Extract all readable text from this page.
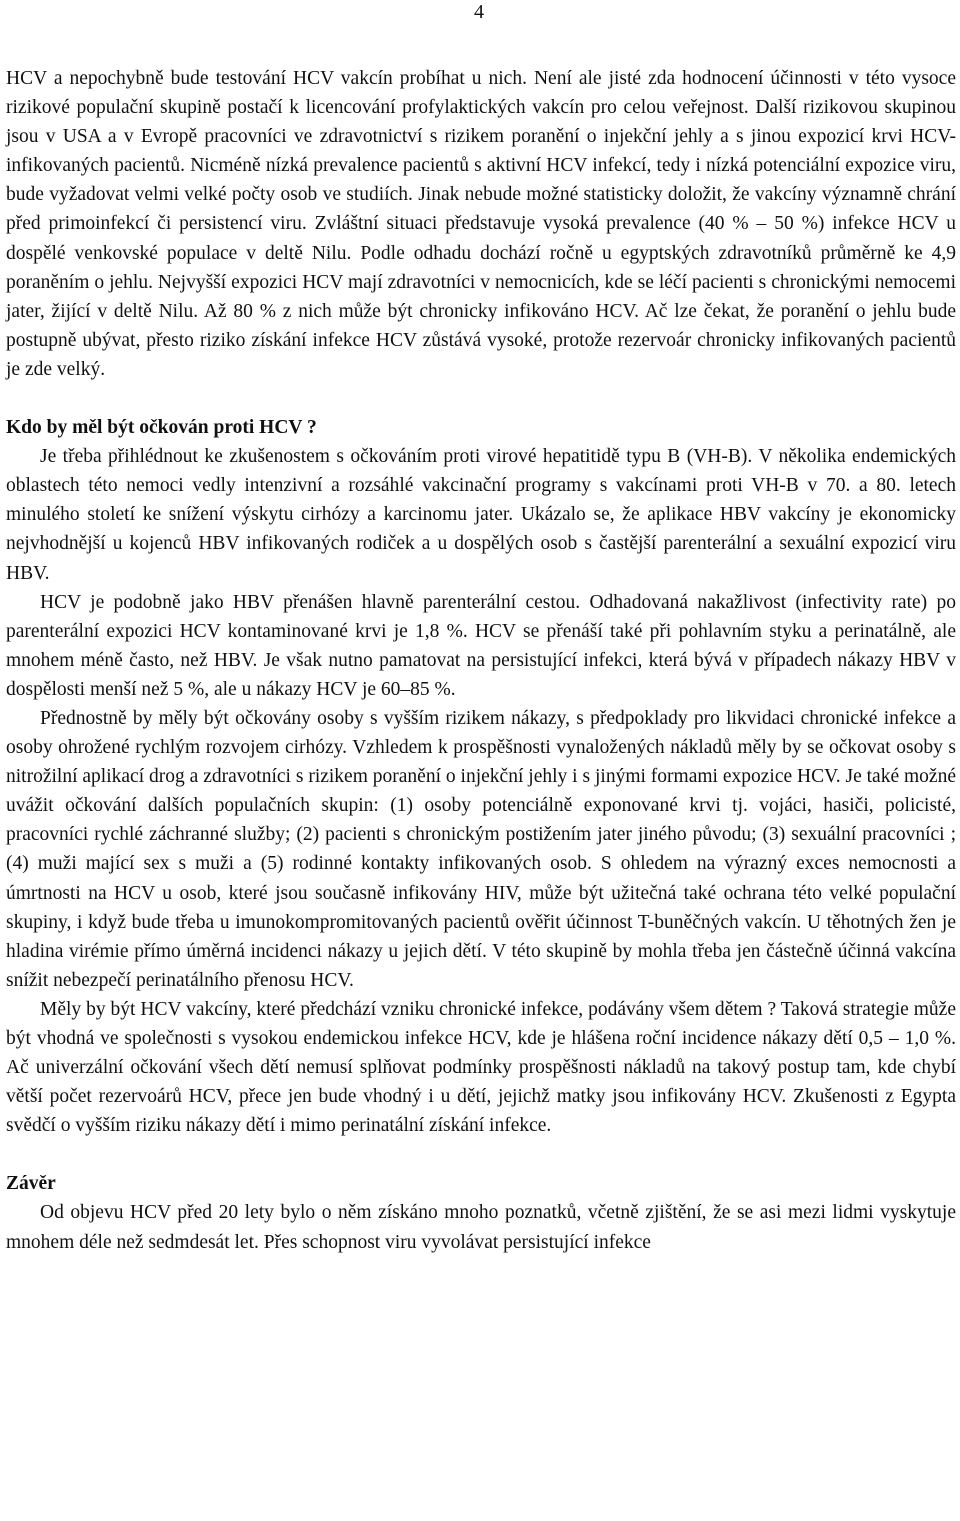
4

HCV a nepochybně bude testování HCV vakcín probíhat u nich. Není ale jisté zda hodnocení účinnosti v této vysoce rizikové populační skupině postačí k licencování profylaktických vakcín pro celou veřejnost. Další rizikovou skupinou jsou v USA a v Evropě pracovníci ve zdravotnictví s rizikem poranění o injekční jehly a s jinou expozicí krvi HCV-infikovaných pacientů. Nicméně nízká prevalence pacientů s aktivní HCV infekcí, tedy i nízká potenciální expozice viru, bude vyžadovat velmi velké počty osob ve studiích. Jinak nebude možné statisticky doložit, že vakcíny významně chrání před primoinfekcí či persistencí viru. Zvláštní situaci představuje vysoká prevalence (40 % – 50 %) infekce HCV u dospělé venkovské populace v deltě Nilu. Podle odhadu dochází ročně u egyptských zdravotníků průměrně ke 4,9 poraněním o jehlu. Nejvyšší expozici HCV mají zdravotníci v nemocnicích, kde se léčí pacienti s chronickými nemocemi jater, žijící v deltě Nilu. Až 80 % z nich může být chronicky infikováno HCV. Ač lze čekat, že poranění o jehlu bude postupně ubývat, přesto riziko získání infekce HCV zůstává vysoké, protože rezervoár chronicky infikovaných pacientů je zde velký.

Kdo by měl být očkován proti HCV ?

Je třeba přihlédnout ke zkušenostem s očkováním proti virové hepatitidě typu B (VH-B). V několika endemických oblastech této nemoci vedly intenzivní a rozsáhlé vakcinační programy s vakcínami proti VH-B v 70. a 80. letech minulého století ke snížení výskytu cirhózy a karcinomu jater. Ukázalo se, že aplikace HBV vakcíny je ekonomicky nejvhodnější u kojenců HBV infikovaných rodiček a u dospělých osob s častější parenterální a sexuální expozicí viru HBV.

HCV je podobně jako HBV přenášen hlavně parenterální cestou. Odhadovaná nakažlivost (infectivity rate) po parenterální expozici HCV kontaminované krvi je 1,8 %. HCV se přenáší také při pohlavním styku a perinatálně, ale mnohem méně často, než HBV. Je však nutno pamatovat na persistující infekci, která bývá v případech nákazy HBV v dospělosti menší než 5 %, ale u nákazy HCV je 60–85 %.

Přednostně by měly být očkovány osoby s vyšším rizikem nákazy, s předpoklady pro likvidaci chronické infekce a osoby ohrožené rychlým rozvojem cirhózy. Vzhledem k prospěšnosti vynaložených nákladů měly by se očkovat osoby s nitrožilní aplikací drog a zdravotníci s rizikem poranění o injekční jehly i s jinými formami expozice HCV. Je také možné uvážit očkování dalších populačních skupin: (1) osoby potenciálně exponované krvi tj. vojáci, hasiči, policisté, pracovníci rychlé záchranné služby; (2) pacienti s chronickým postižením jater jiného původu; (3) sexuální pracovníci ; (4) muži mající sex s muži a (5) rodinné kontakty infikovaných osob. S ohledem na výrazný exces nemocnosti a úmrtnosti na HCV u osob, které jsou současně infikovány HIV, může být užitečná také ochrana této velké populační skupiny, i když bude třeba u imunokompromitovaných pacientů ověřit účinnost T-buněčných vakcín. U těhotných žen je hladina virémie přímo úměrná incidenci nákazy u jejich dětí. V této skupině by mohla třeba jen částečně účinná vakcína snížit nebezpečí perinatálního přenosu HCV.

Měly by být HCV vakcíny, které předchází vzniku chronické infekce, podávány všem dětem ? Taková strategie může být vhodná ve společnosti s vysokou endemickou infekce HCV, kde je hlášena roční incidence nákazy dětí 0,5 – 1,0 %. Ač univerzální očkování všech dětí nemusí splňovat podmínky prospěšnosti nákladů na takový postup tam, kde chybí větší počet rezervoárů HCV, přece jen bude vhodný i u dětí, jejichž matky jsou infikovány HCV. Zkušenosti z Egypta svědčí o vyšším riziku nákazy dětí i mimo perinatální získání infekce.

Závěr

Od objevu HCV před 20 lety bylo o něm získáno mnoho poznatků, včetně zjištění, že se asi mezi lidmi vyskytuje mnohem déle než sedmdesát let. Přes schopnost viru vyvolávat persistující infekce
